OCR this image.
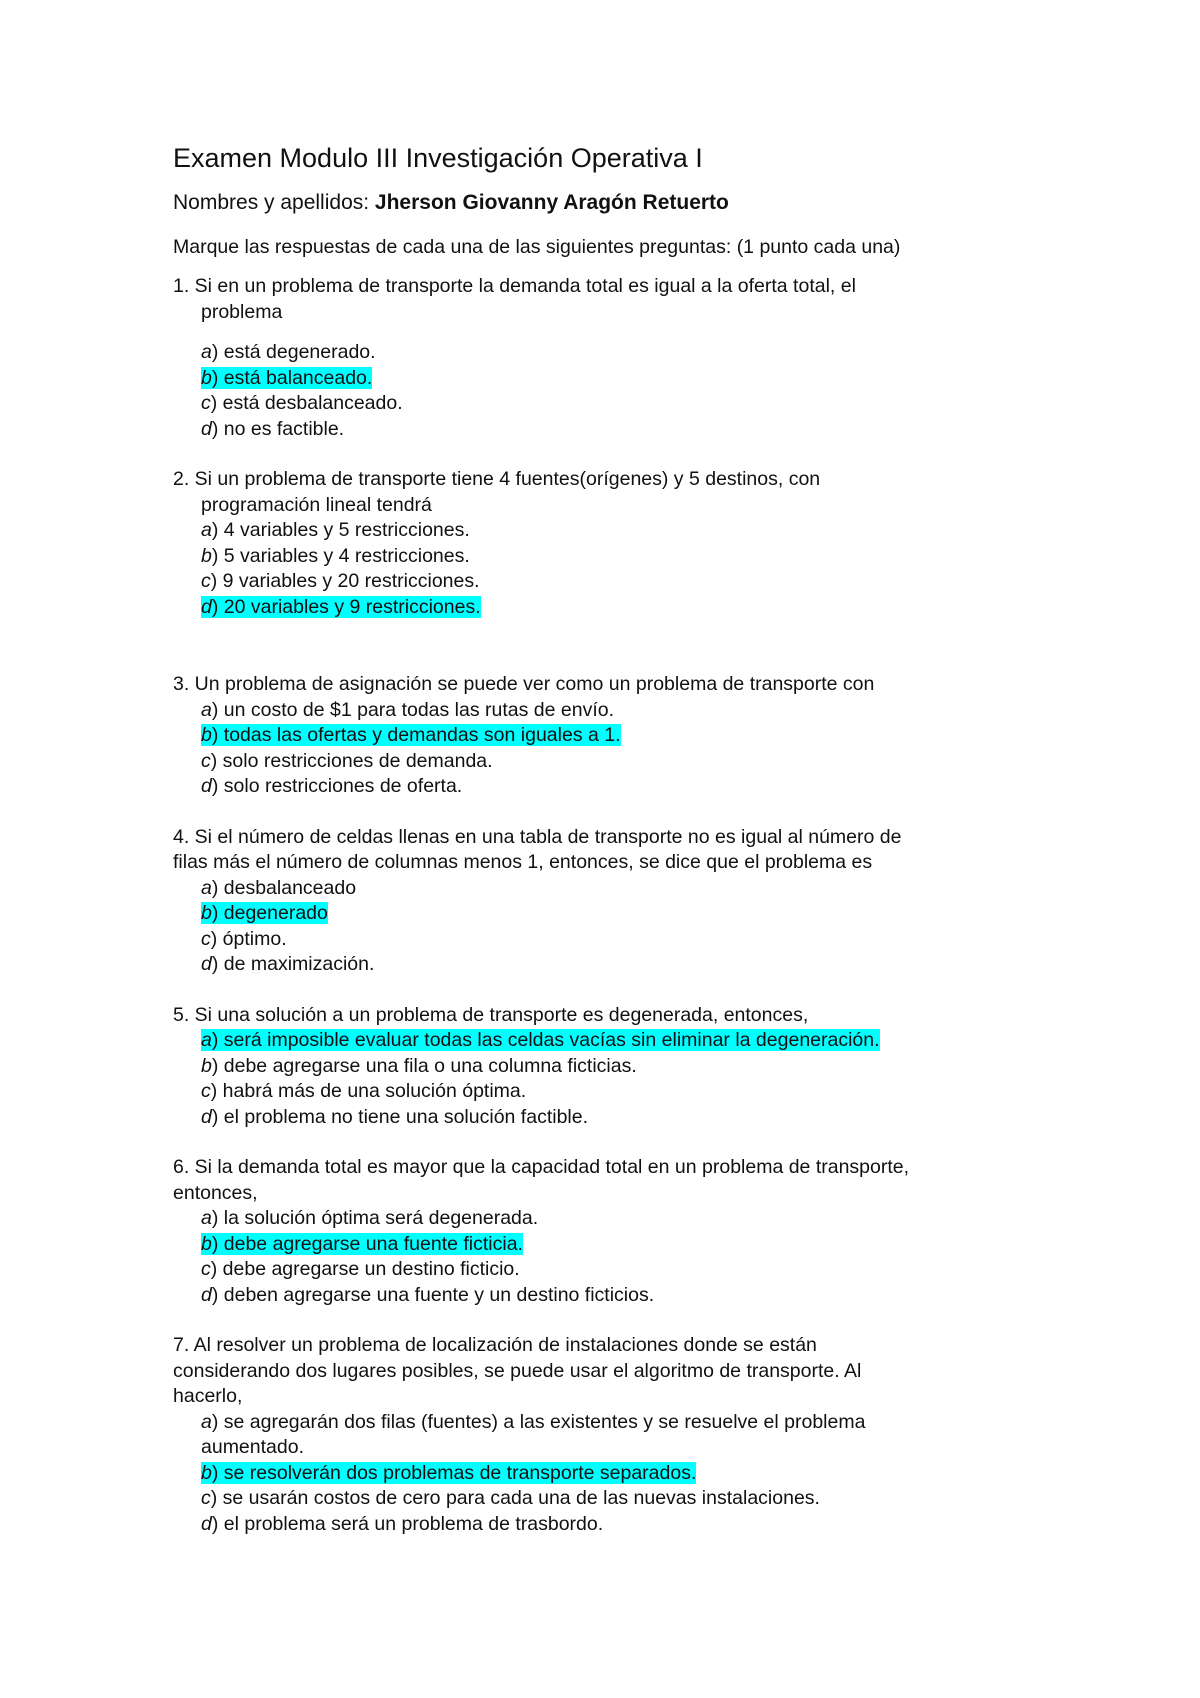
Examen Modulo III Investigación Operativa I
Nombres y apellidos: Jherson Giovanny Aragón Retuerto
Marque las respuestas de cada una de las siguientes preguntas: (1 punto cada una)
1. Si en un problema de transporte la demanda total es igual a la oferta total, el
problema
a) está degenerado.
b) está balanceado.
c) está desbalanceado.
d) no es factible.
2. Si un problema de transporte tiene 4 fuentes(orígenes) y 5 destinos, con
programación lineal tendrá
a) 4 variables y 5 restricciones.
b) 5 variables y 4 restricciones.
c) 9 variables y 20 restricciones.
d) 20 variables y 9 restricciones.
3. Un problema de asignación se puede ver como un problema de transporte con
a) un costo de $1 para todas las rutas de envío.
b) todas las ofertas y demandas son iguales a 1.
c) solo restricciones de demanda.
d) solo restricciones de oferta.
4. Si el número de celdas llenas en una tabla de transporte no es igual al número de
filas más el número de columnas menos 1, entonces, se dice que el problema es
a) desbalanceado
b) degenerado
c) óptimo.
d) de maximización.
5. Si una solución a un problema de transporte es degenerada, entonces,
a) será imposible evaluar todas las celdas vacías sin eliminar la degeneración.
b) debe agregarse una fila o una columna ficticias.
c) habrá más de una solución óptima.
d) el problema no tiene una solución factible.
6. Si la demanda total es mayor que la capacidad total en un problema de transporte,
entonces,
a) la solución óptima será degenerada.
b) debe agregarse una fuente ficticia.
c) debe agregarse un destino ficticio.
d) deben agregarse una fuente y un destino ficticios.
7. Al resolver un problema de localización de instalaciones donde se están
considerando dos lugares posibles, se puede usar el algoritmo de transporte. Al
hacerlo,
a) se agregarán dos filas (fuentes) a las existentes y se resuelve el problema
aumentado.
b) se resolverán dos problemas de transporte separados.
c) se usarán costos de cero para cada una de las nuevas instalaciones.
d) el problema será un problema de trasbordo.
